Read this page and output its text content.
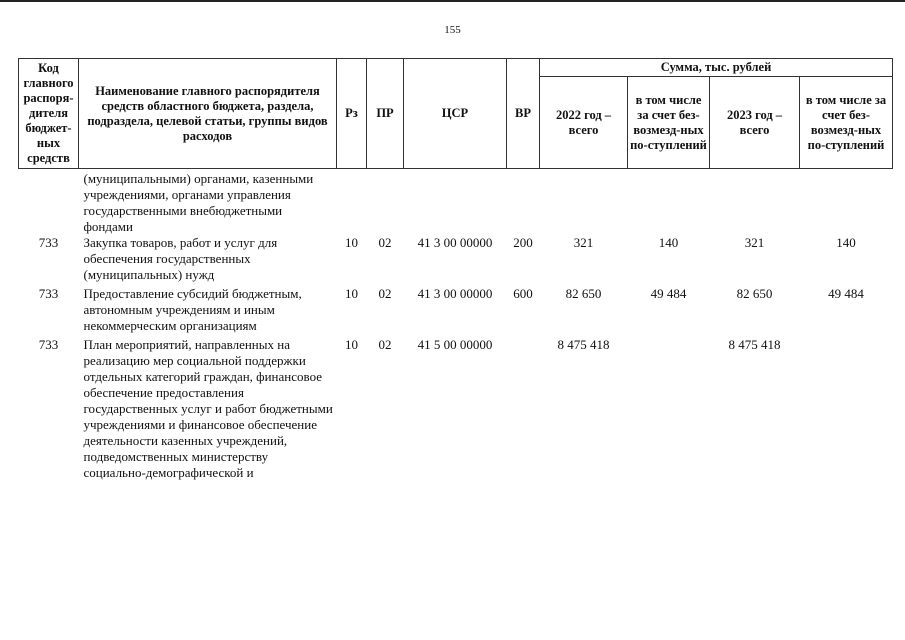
155
Код главного распоря-дителя бюджет-ных средств	Наименование главного распорядителя средств областного бюджета, раздела, подраздела, целевой статьи, группы видов расходов	Рз	ПР	ЦСР	ВР	Сумма, тыс. рублей			
						2022 год – всего	в том числе за счет без-возмезд-ных по-ступлений	2023 год – всего	в том числе за счет без-возмезд-ных по-ступлений
	(муниципальными) органами, казенными учреждениями, органами управления государственными внебюджетными фондами								
733	Закупка товаров, работ и услуг для обеспечения государственных (муниципальных) нужд	10	02	41 3 00 00000	200	321	140	321	140
733	Предоставление субсидий бюджетным, автономным учреждениям и иным некоммерческим организациям	10	02	41 3 00 00000	600	82 650	49 484	82 650	49 484
733	План мероприятий, направленных на реализацию мер социальной поддержки отдельных категорий граждан, финансовое обеспечение предоставления государственных услуг и работ бюджетными учреждениями и финансовое обеспечение деятельности казенных учреждений, подведомственных министерству социально-демографической и	10	02	41 5 00 00000		8 475 418		8 475 418	
